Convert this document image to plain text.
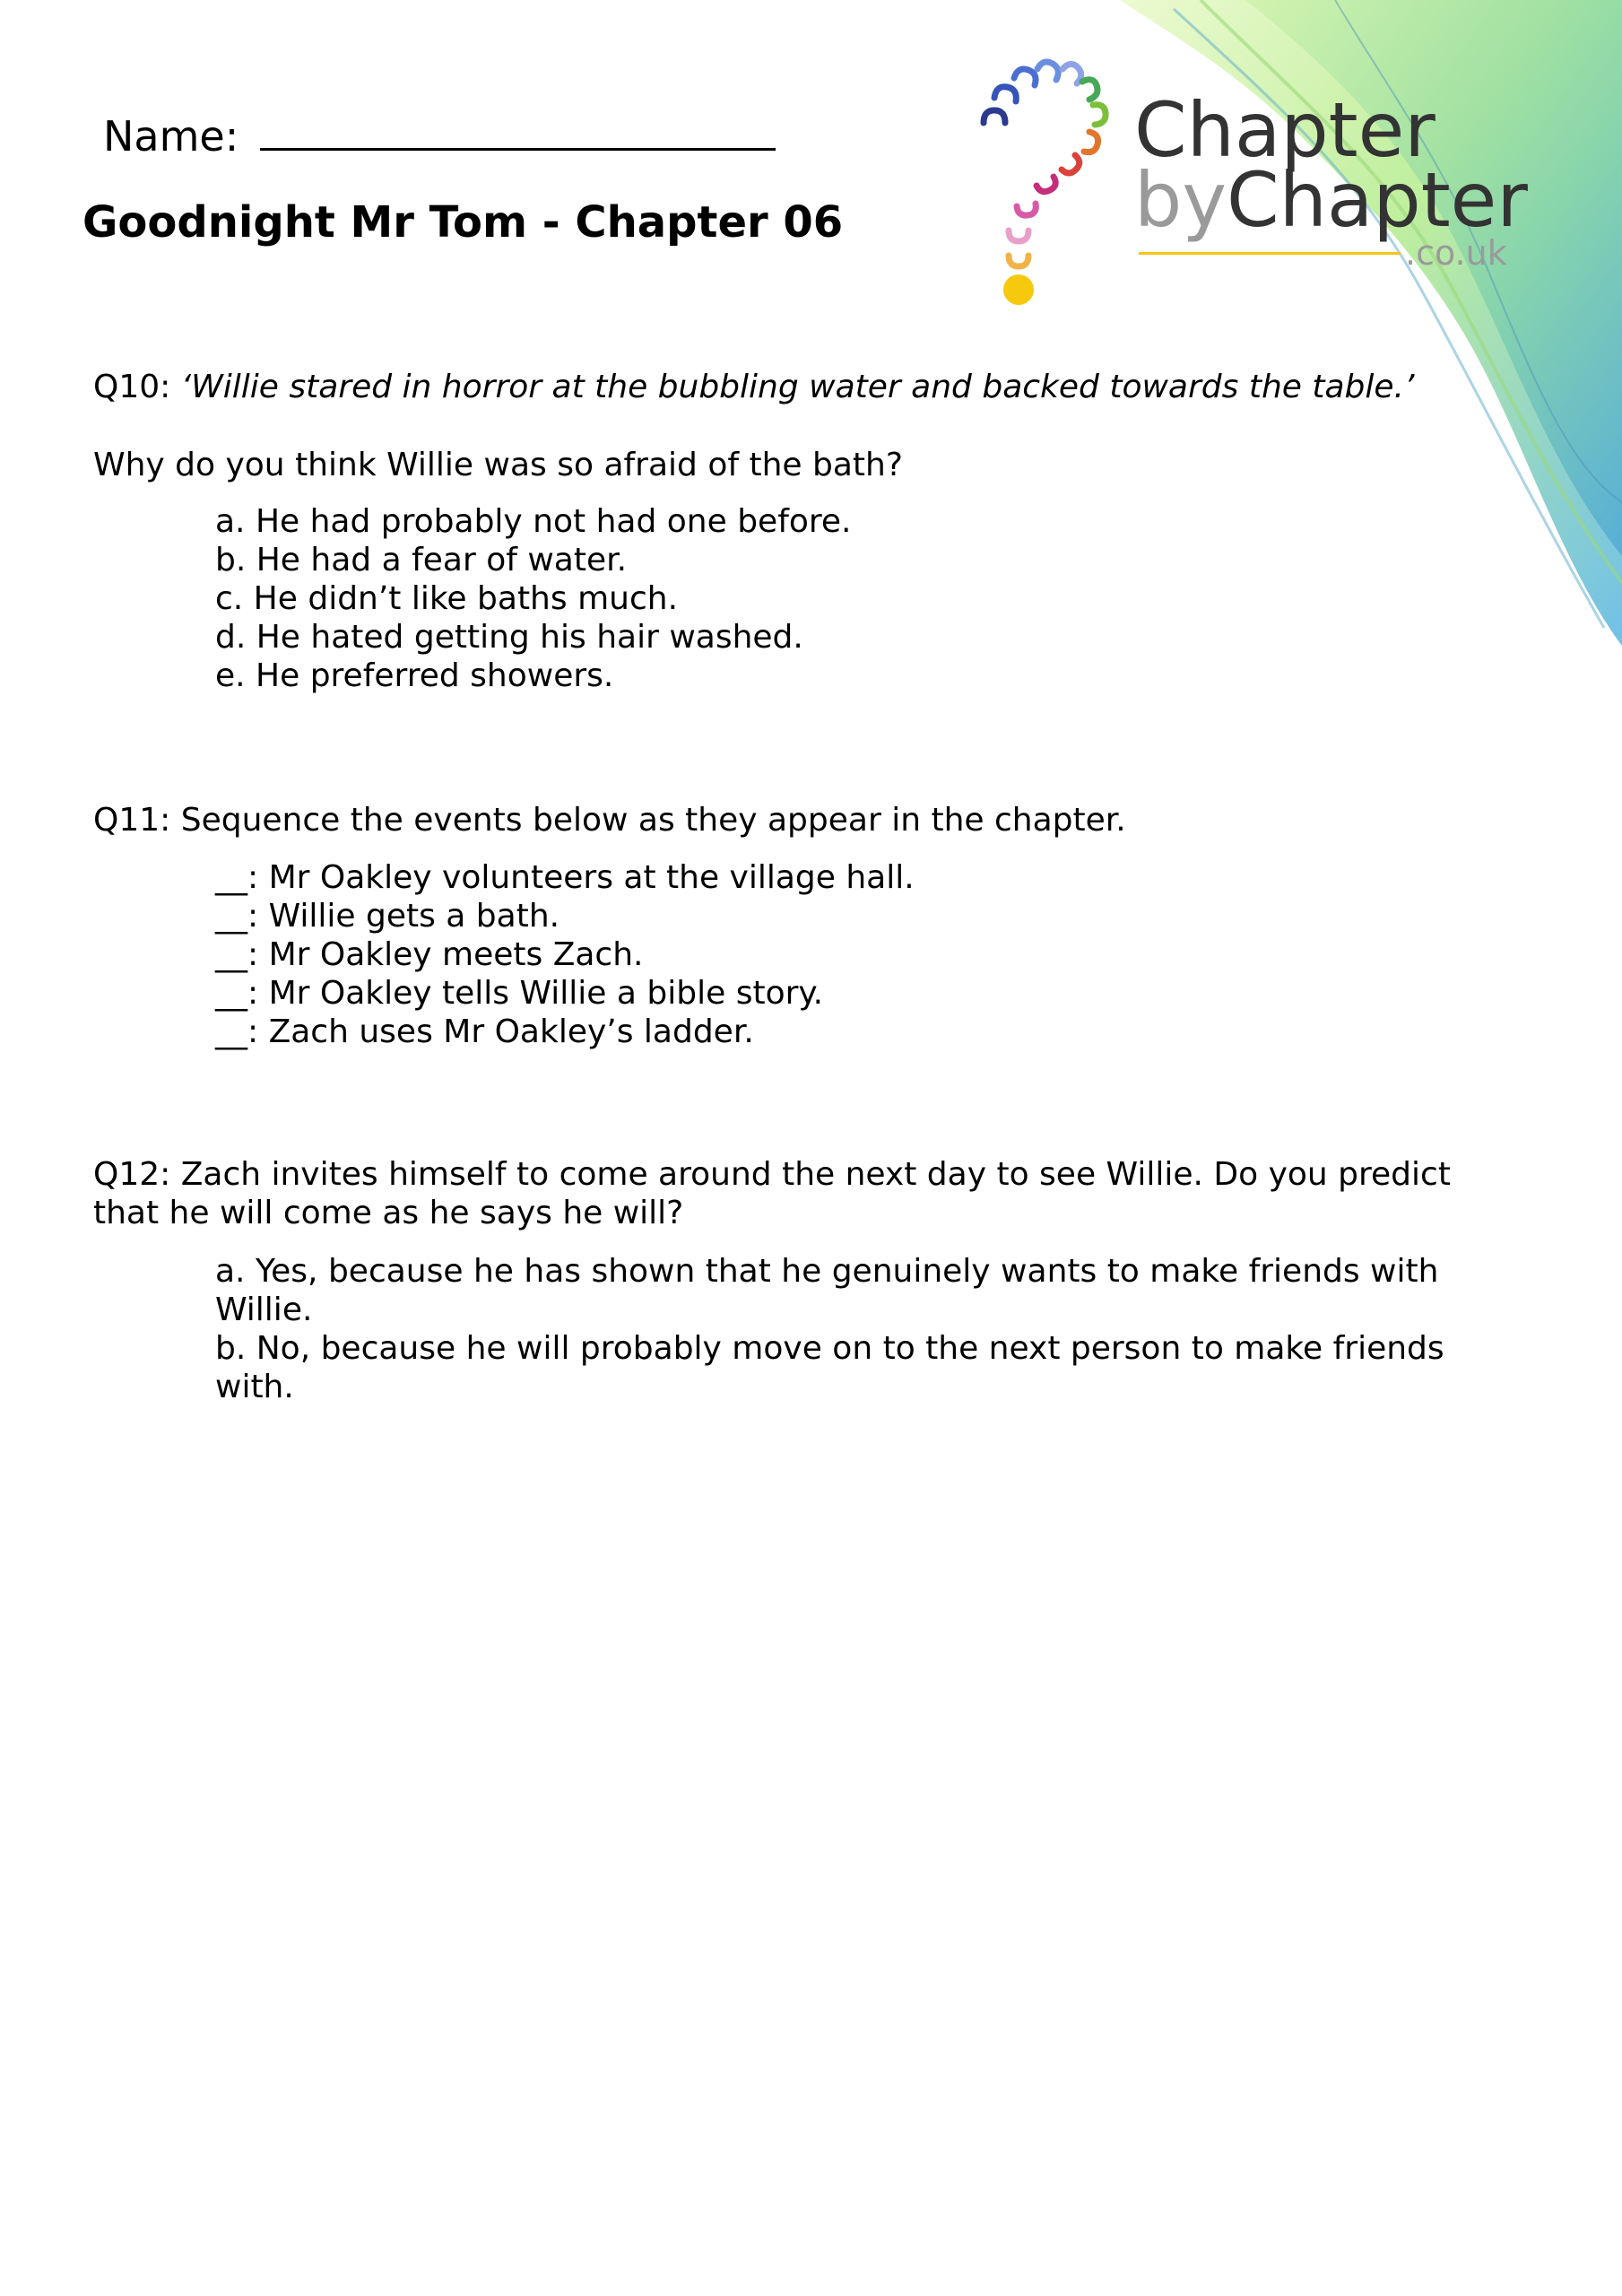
Name:
Goodnight Mr Tom - Chapter 06
Chapter
byChapter
.co.uk
Q10: ‘Willie stared in horror at the bubbling water and backed towards the table.’
Why do you think Willie was so afraid of the bath?
a. He had probably not had one before.
b. He had a fear of water.
c. He didn’t like baths much.
d. He hated getting his hair washed.
e. He preferred showers.
Q11: Sequence the events below as they appear in the chapter.
__: Mr Oakley volunteers at the village hall.
__: Willie gets a bath.
__: Mr Oakley meets Zach.
__: Mr Oakley tells Willie a bible story.
__: Zach uses Mr Oakley’s ladder.
Q12: Zach invites himself to come around the next day to see Willie. Do you predict that he will come as he says he will?
a. Yes, because he has shown that he genuinely wants to make friends with Willie.
b. No, because he will probably move on to the next person to make friends with.
